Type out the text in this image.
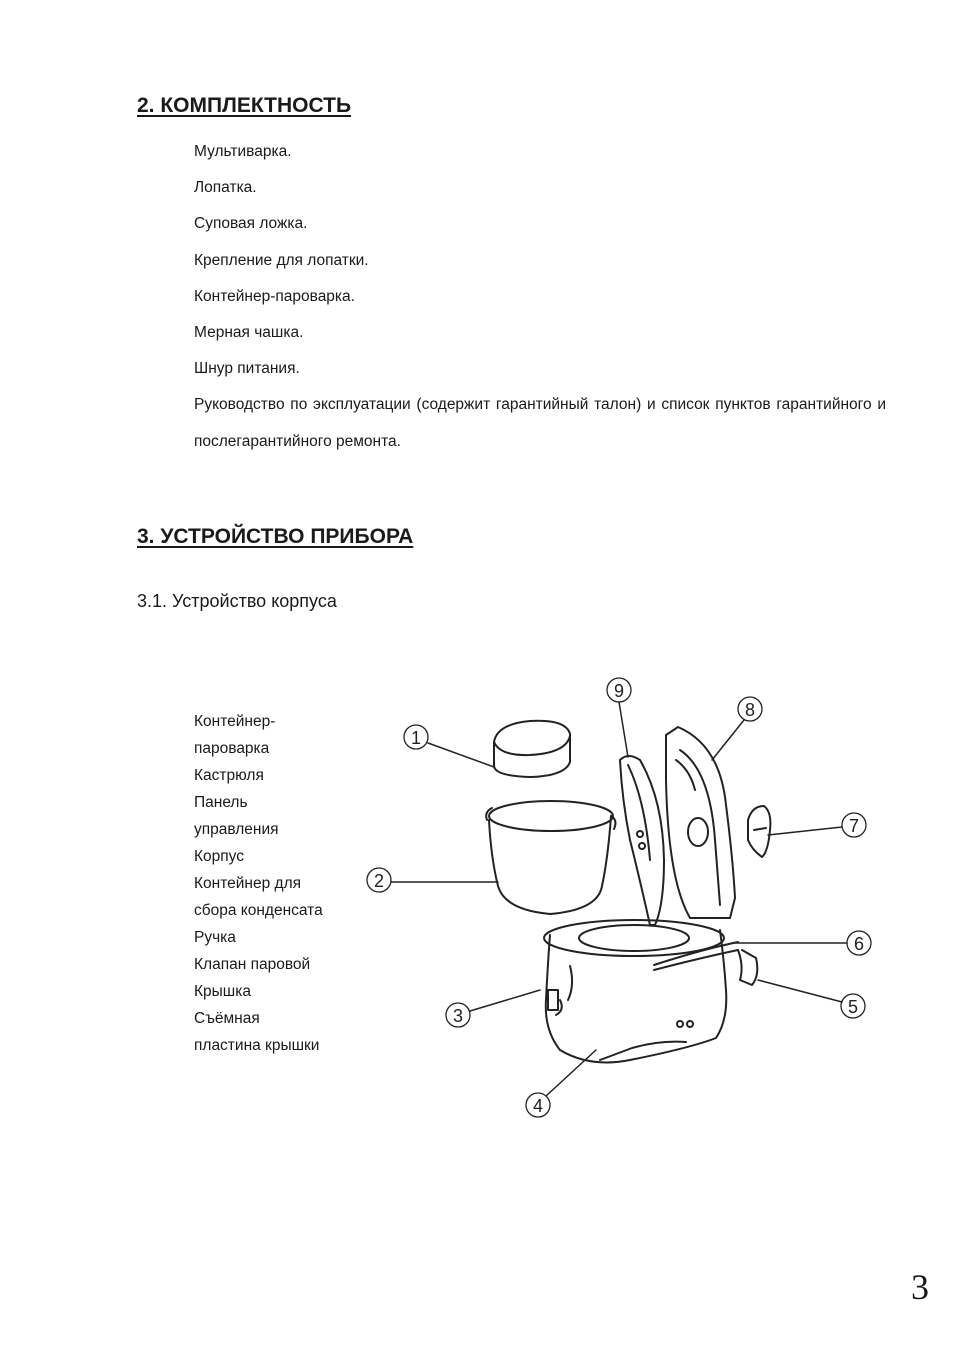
2. КОМПЛЕКТНОСТЬ
Мультиварка.
Лопатка.
Суповая ложка.
Крепление для лопатки.
Контейнер-пароварка.
Мерная чашка.
Шнур питания.
Руководство по эксплуатации (содержит гарантийный талон) и список пунктов гарантийного и послегарантийного ремонта.
3. УСТРОЙСТВО ПРИБОРА

3.1. Устройство корпуса

Контейнер-
пароварка
Кастрюля
Панель
управления
Корпус
Контейнер для
сбора конденсата
Ручка
Клапан паровой
Крышка
Съёмная
пластина крышки
1
2
3
4
5
6
7
8
9
3
